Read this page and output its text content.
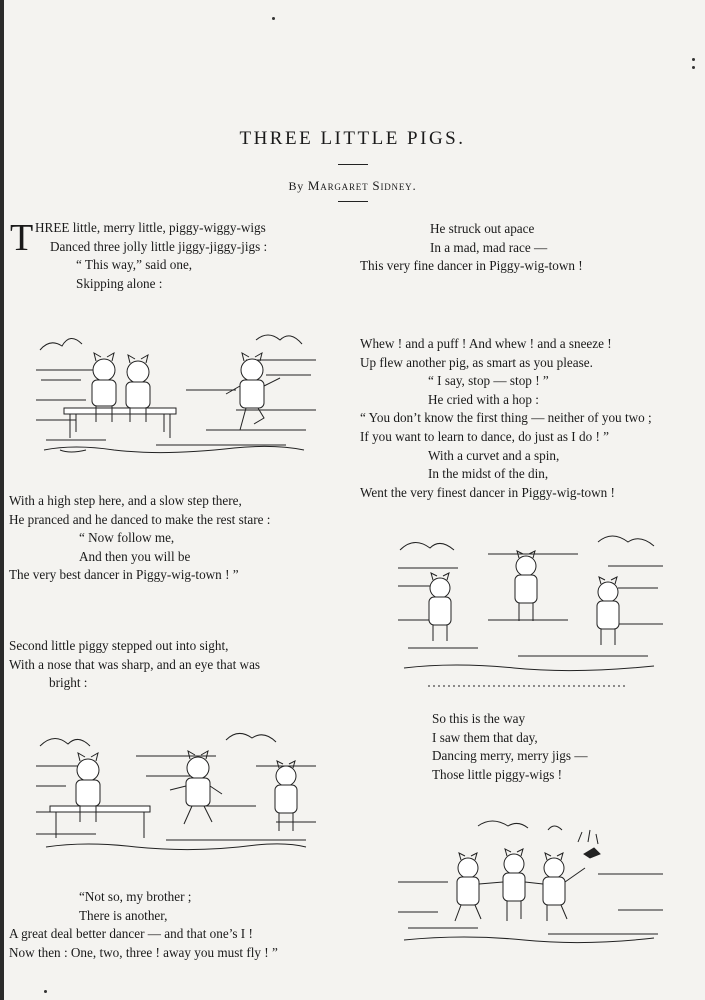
THREE LITTLE PIGS.
By Margaret Sidney.
T HREE little, merry little, piggy-wiggy-wigs
Danced three jolly little jiggy-jiggy-jigs :
“ This way,” said one,
Skipping alone :
With a high step here, and a slow step there,
He pranced and he danced to make the rest stare :
“ Now follow me,
And then you will be
The very best dancer in Piggy-wig-town ! ”
Second little piggy stepped out into sight,
With a nose that was sharp, and an eye that was
bright :
“Not so, my brother ;
There is another,
A great deal better dancer — and that one’s I !
Now then : One, two, three ! away you must fly ! ”
He struck out apace
In a mad, mad race —
This very fine dancer in Piggy-wig-town !
Whew ! and a puff ! And whew ! and a sneeze !
Up flew another pig, as smart as you please.
“ I say, stop — stop ! ”
He cried with a hop :
“ You don’t know the first thing — neither of you two ;
If you want to learn to dance, do just as I do ! ”
With a curvet and a spin,
In the midst of the din,
Went the very finest dancer in Piggy-wig-town !
So this is the way
I saw them that day,
Dancing merry, merry jigs —
Those little piggy-wigs !
